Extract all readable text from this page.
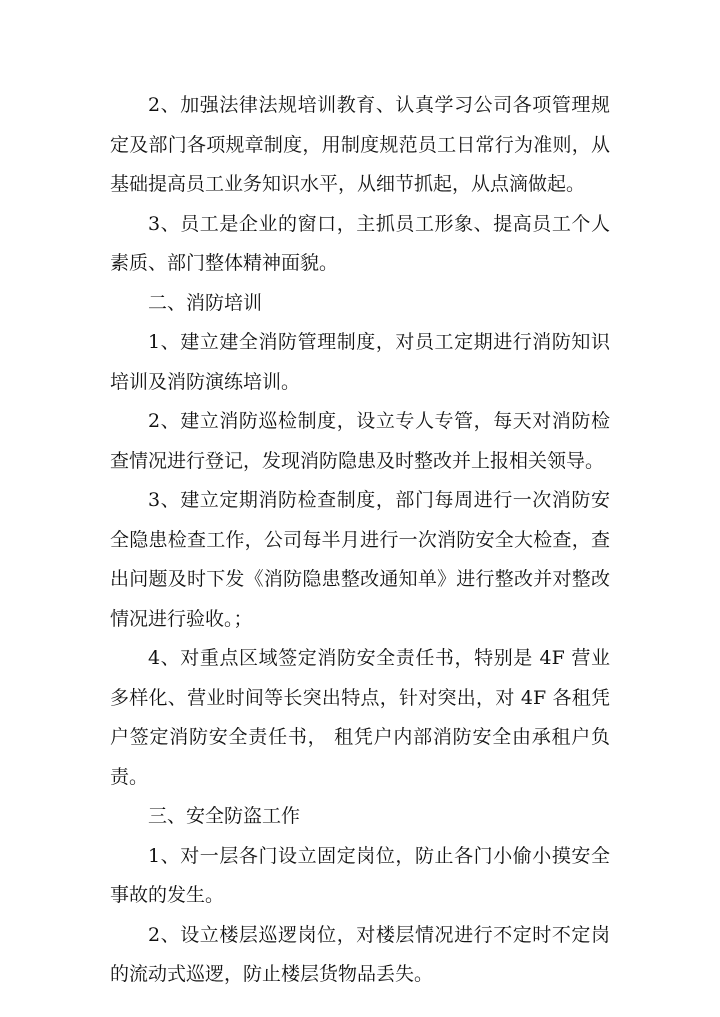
2、加强法律法规培训教育、认真学习公司各项管理规定及部门各项规章制度，用制度规范员工日常行为准则，从基础提高员工业务知识水平，从细节抓起，从点滴做起。

3、员工是企业的窗口，主抓员工形象、提高员工个人素质、部门整体精神面貌。

二、消防培训

1、建立建全消防管理制度，对员工定期进行消防知识培训及消防演练培训。

2、建立消防巡检制度，设立专人专管，每天对消防检查情况进行登记，发现消防隐患及时整改并上报相关领导。

3、建立定期消防检查制度，部门每周进行一次消防安全隐患检查工作，公司每半月进行一次消防安全大检查，查出问题及时下发《消防隐患整改通知单》进行整改并对整改情况进行验收。；

4、对重点区域签定消防安全责任书，特别是 4F 营业多样化、营业时间等长突出特点，针对突出，对 4F 各租凭户签定消防安全责任书， 租凭户内部消防安全由承租户负责。

三、安全防盗工作

1、对一层各门设立固定岗位，防止各门小偷小摸安全事故的发生。

2、设立楼层巡逻岗位，对楼层情况进行不定时不定岗的流动式巡逻，防止楼层货物品丢失。
